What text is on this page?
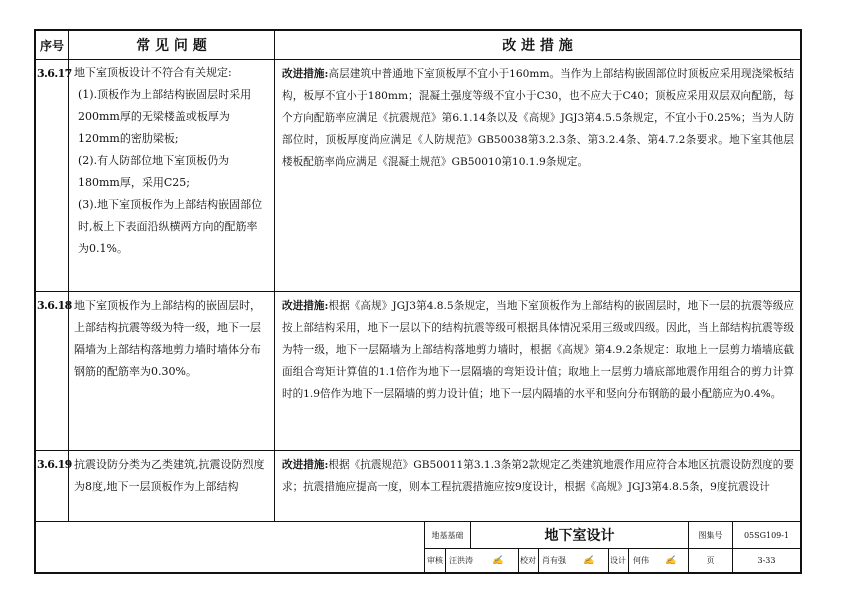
序号	常 见 问 题	改 进 措 施
3.6.17 地下室顶板设计不符合有关规定:

(1).顶板作为上部结构嵌固层时采用200mm厚的无梁楼盖或板厚为120mm的密肋梁板;

(2).有人防部位地下室顶板仍为180mm厚，采用C25;

(3).地下室顶板作为上部结构嵌固部位时,板上下表面沿纵横两方向的配筋率为0.1%。

改进措施:高层建筑中普通地下室顶板厚不宜小于160mm。当作为上部结构嵌固部位时顶板应采用现浇梁板结构，板厚不宜小于180mm；混凝土强度等级不宜小于C30，也不应大于C40；顶板应采用双层双向配筋，每个方向配筋率应满足《抗震规范》第6.1.14条以及《高规》JGJ3第4.5.5条规定，不宜小于0.25%；当为人防部位时，顶板厚度尚应满足《人防规范》GB50038第3.2.3条、第3.2.4条、第4.7.2条要求。地下室其他层楼板配筋率尚应满足《混凝土规范》GB50010第10.1.9条规定。
3.6.18 地下室顶板作为上部结构的嵌固层时，上部结构抗震等级为特一级，地下一层隔墙为上部结构落地剪力墙时墙体分布钢筋的配筋率为0.30%。

改进措施:根据《高规》JGJ3第4.8.5条规定，当地下室顶板作为上部结构的嵌固层时，地下一层的抗震等级应按上部结构采用，地下一层以下的结构抗震等级可根据具体情况采用三级或四级。因此，当上部结构抗震等级为特一级，地下一层隔墙为上部结构落地剪力墙时，根据《高规》第4.9.2条规定：取地上一层剪力墙墙底截面组合弯矩计算值的1.1倍作为地下一层隔墙的弯矩设计值；取地上一层剪力墙底部地震作用组合的剪力计算时的1.9倍作为地下一层隔墙的剪力设计值；地下一层内隔墙的水平和竖向分布钢筋的最小配筋应为0.4%。
3.6.19 抗震设防分类为乙类建筑,抗震设防烈度为8度,地下一层顶板作为上部结构

改进措施:根据《抗震规范》GB50011第3.1.3条第2款规定乙类建筑地震作用应符合本地区抗震设防烈度的要求；抗震措施应提高一度，则本工程抗震措施应按9度设计，根据《高规》JGJ3第4.8.5条，9度抗震设计
地基基础	地下室设计	图集号	05SG109-1
审核 汪洪涛	✍	校对 肖有强	✍	设计 何伟	✍	页	3-33
